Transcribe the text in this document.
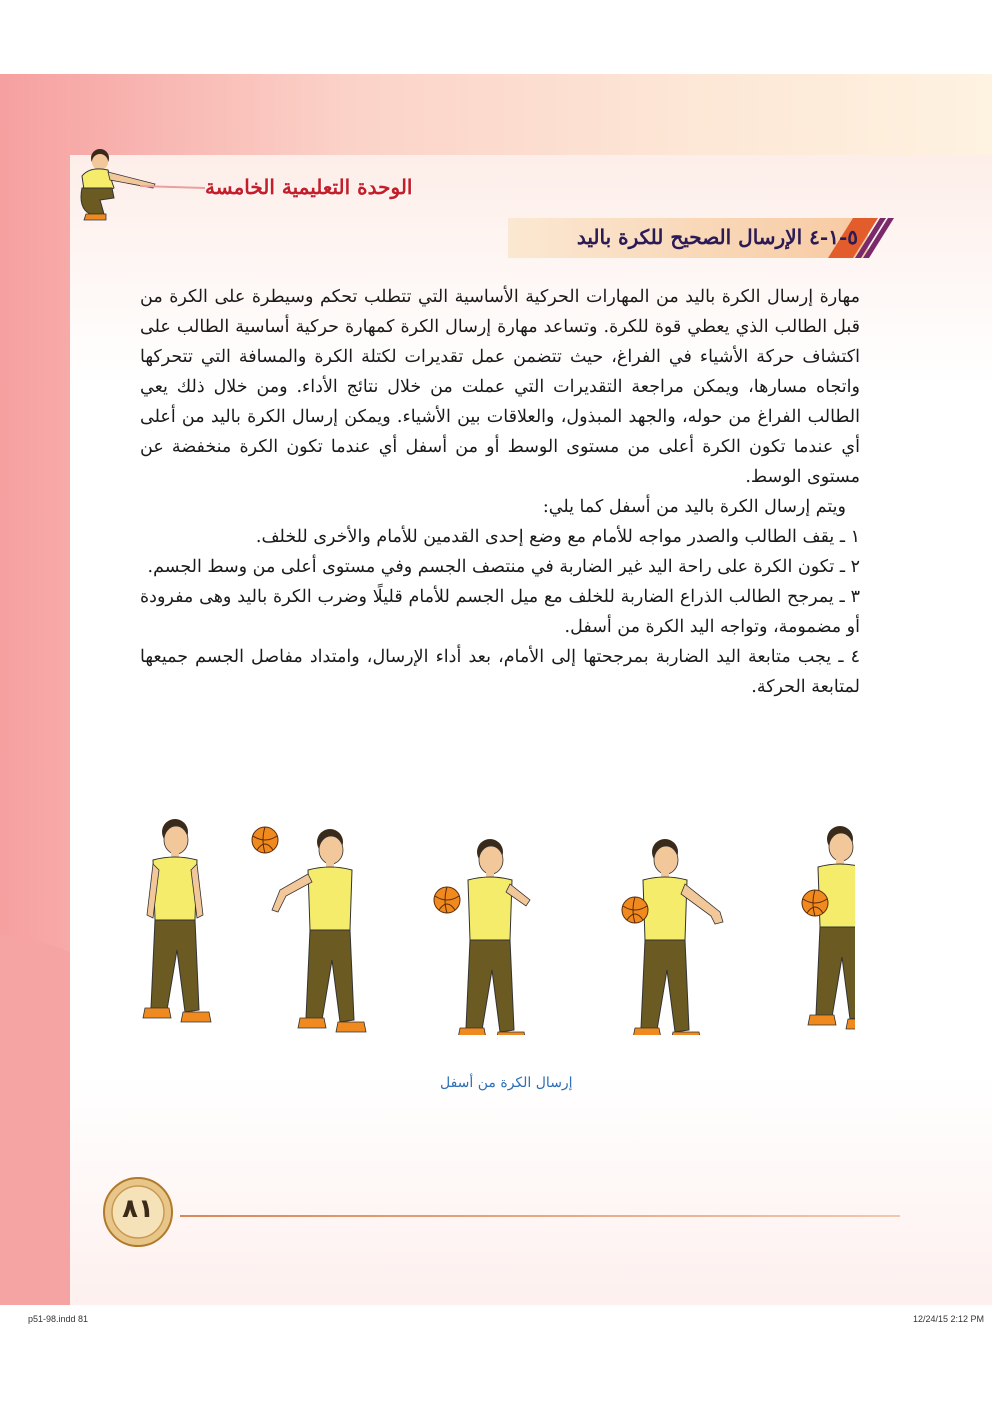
الوحدة التعليمية الخامسة
٥-١-٤ الإرسال الصحيح للكرة باليد

مهارة إرسال الكرة باليد من المهارات الحركية الأساسية التي تتطلب تحكم وسيطرة على الكرة من قبل الطالب الذي يعطي قوة للكرة. وتساعد مهارة إرسال الكرة كمهارة حركية أساسية الطالب على اكتشاف حركة الأشياء في الفراغ، حيث تتضمن عمل تقديرات لكتلة الكرة والمسافة التي تتحركها واتجاه مسارها، ويمكن مراجعة التقديرات التي عملت من خلال نتائج الأداء. ومن خلال ذلك يعي الطالب الفراغ من حوله، والجهد المبذول، والعلاقات بين الأشياء. ويمكن إرسال الكرة باليد من أعلى أي عندما تكون الكرة أعلى من مستوى الوسط أو من أسفل أي عندما تكون الكرة منخفضة عن مستوى الوسط.

ويتم إرسال الكرة باليد من أسفل كما يلي:

١ ـ يقف الطالب والصدر مواجه للأمام مع وضع إحدى القدمين للأمام والأخرى للخلف.
٢ ـ تكون الكرة على راحة اليد غير الضاربة في منتصف الجسم وفي مستوى أعلى من وسط الجسم.
٣ ـ يمرجح الطالب الذراع الضاربة للخلف مع ميل الجسم للأمام قليلًا وضرب الكرة باليد وهى مفرودة أو مضمومة، وتواجه اليد الكرة من أسفل.
٤ ـ يجب متابعة اليد الضاربة بمرجحتها إلى الأمام، بعد أداء الإرسال، وامتداد مفاصل الجسم جميعها لمتابعة الحركة.
إرسال الكرة من أسفل
٨١
p51-98.indd 81	12/24/15 2:12 PM
